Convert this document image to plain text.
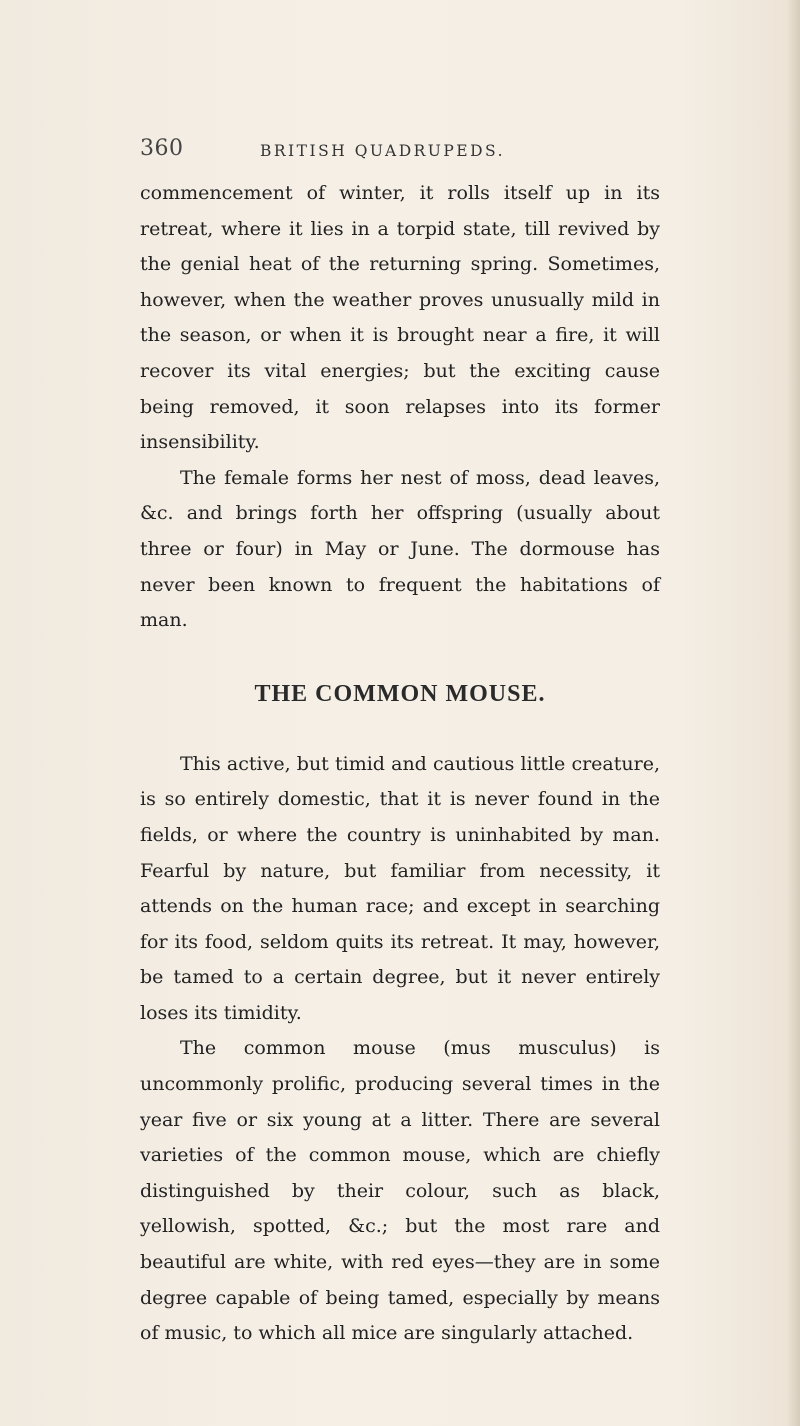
360	BRITISH QUADRUPEDS.

commencement of winter, it rolls itself up in its retreat, where it lies in a torpid state, till revived by the genial heat of the returning spring. Sometimes, however, when the weather proves unusually mild in the season, or when it is brought near a fire, it will recover its vital energies; but the exciting cause being removed, it soon relapses into its former insensibility.

The female forms her nest of moss, dead leaves, &c. and brings forth her offspring (usually about three or four) in May or June. The dormouse has never been known to frequent the habitations of man.

THE COMMON MOUSE.

This active, but timid and cautious little creature, is so entirely domestic, that it is never found in the fields, or where the country is uninhabited by man. Fearful by nature, but familiar from necessity, it attends on the human race; and except in searching for its food, seldom quits its retreat. It may, however, be tamed to a certain degree, but it never entirely loses its timidity.

The common mouse (mus musculus) is uncommonly prolific, producing several times in the year five or six young at a litter. There are several varieties of the common mouse, which are chiefly distinguished by their colour, such as black, yellowish, spotted, &c.; but the most rare and beautiful are white, with red eyes—they are in some degree capable of being tamed, especially by means of music, to which all mice are singularly attached.
